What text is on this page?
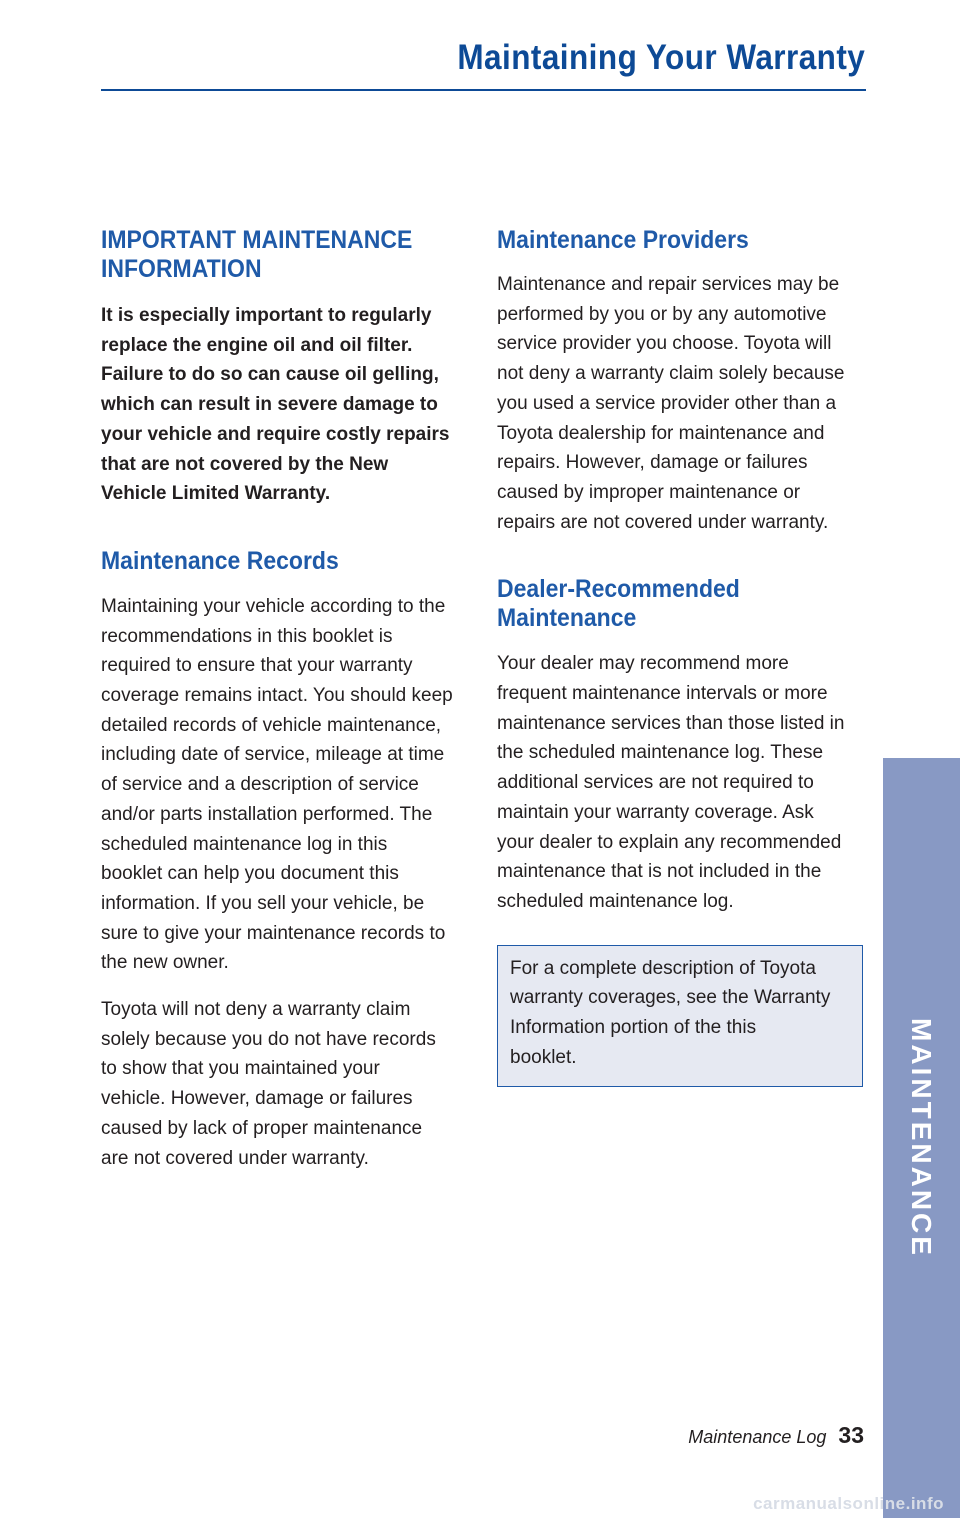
Maintaining Your Warranty
IMPORTANT MAINTENANCE
INFORMATION

It is especially important to regularly
replace the engine oil and oil filter.
Failure to do so can cause oil gelling,
which can result in severe damage to
your vehicle and require costly repairs
that are not covered by the New
Vehicle Limited Warranty.

Maintenance Records

Maintaining your vehicle according to the
recommendations in this booklet is
required to ensure that your warranty
coverage remains intact. You should keep
detailed records of vehicle maintenance,
including date of service, mileage at time
of service and a description of service
and/or parts installation performed. The
scheduled maintenance log in this
booklet can help you document this
information. If you sell your vehicle, be
sure to give your maintenance records to
the new owner.

Toyota will not deny a warranty claim
solely because you do not have records
to show that you maintained your
vehicle. However, damage or failures
caused by lack of proper maintenance
are not covered under warranty.

Maintenance Providers

Maintenance and repair services may be
performed by you or by any automotive
service provider you choose. Toyota will
not deny a warranty claim solely because
you used a service provider other than a
Toyota dealership for maintenance and
repairs. However, damage or failures
caused by improper maintenance or
repairs are not covered under warranty.

Dealer-Recommended
Maintenance

Your dealer may recommend more
frequent maintenance intervals or more
maintenance services than those listed in
the scheduled maintenance log. These
additional services are not required to
maintain your warranty coverage. Ask
your dealer to explain any recommended
maintenance that is not included in the
scheduled maintenance log.

For a complete description of Toyota
warranty coverages, see the Warranty
Information portion of the this
booklet.	MAINTENANCE
Maintenance Log 33
carmanualsonline.info
